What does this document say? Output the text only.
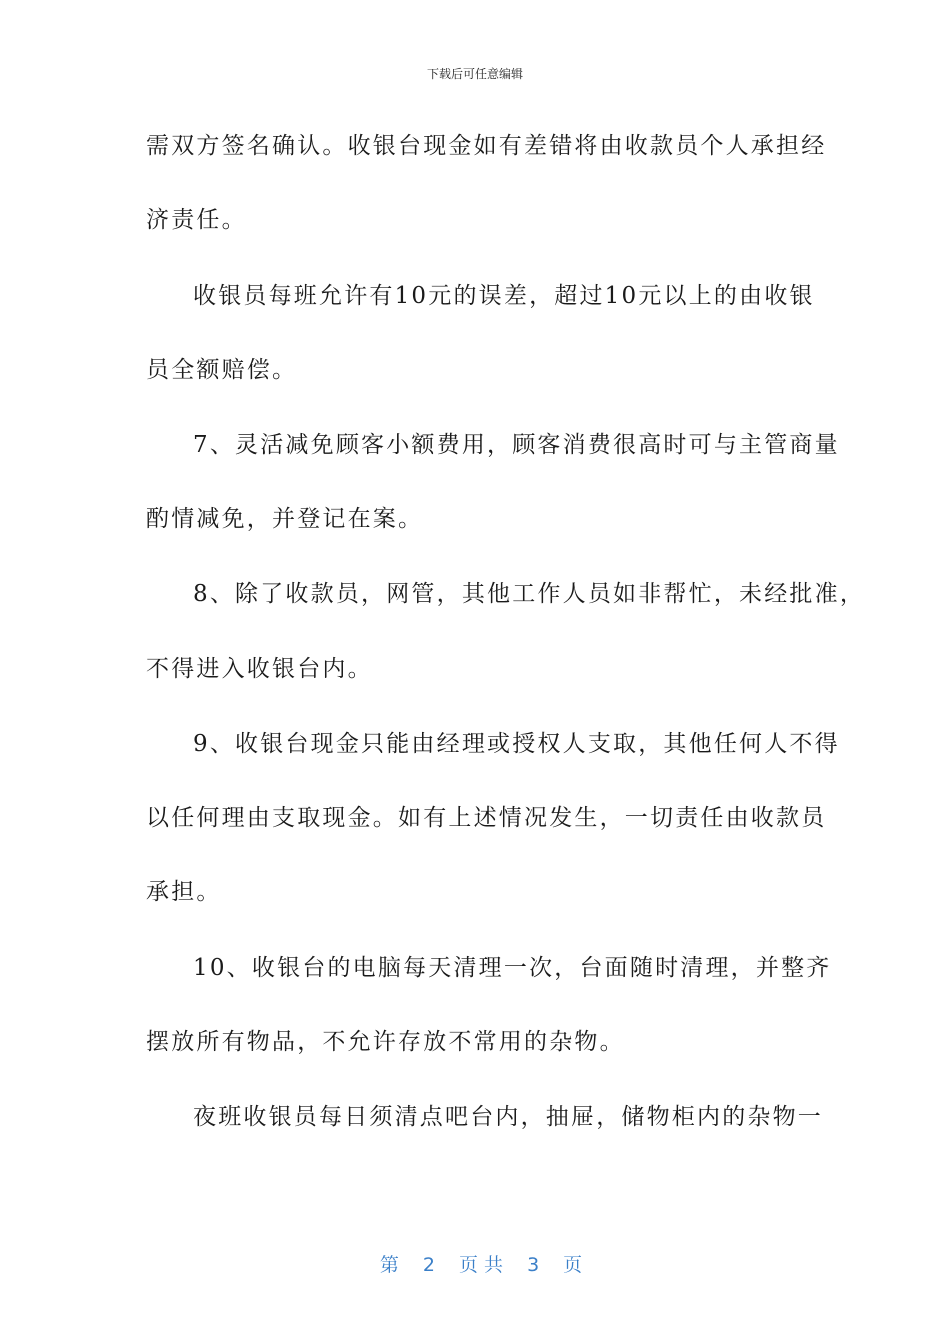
下载后可任意编辑
需双方签名确认。收银台现金如有差错将由收款员个人承担经
济责任。
收银员每班允许有10元的误差，超过10元以上的由收银
员全额赔偿。
7、灵活减免顾客小额费用，顾客消费很高时可与主管商量
酌情减免，并登记在案。
8、除了收款员，网管，其他工作人员如非帮忙，未经批准，
不得进入收银台内。
9、收银台现金只能由经理或授权人支取，其他任何人不得
以任何理由支取现金。如有上述情况发生，一切责任由收款员
承担。
10、收银台的电脑每天清理一次，台面随时清理，并整齐
摆放所有物品，不允许存放不常用的杂物。
夜班收银员每日须清点吧台内，抽屉，储物柜内的杂物一

第 2 页 共 3 页
